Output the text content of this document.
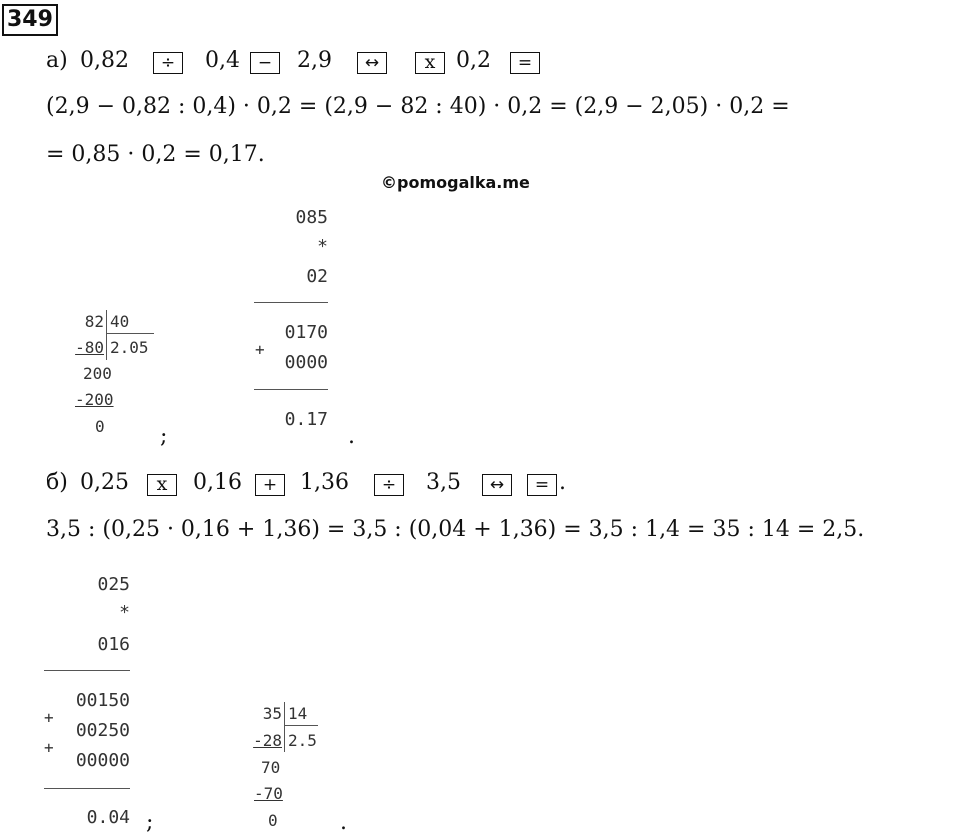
349
а) 0,82	÷	0,4	−	2,9	↔	x 0,2	=
(2,9 − 0,82 : 0,4) · 0,2 = (2,9 − 82 : 40) · 0,2 = (2,9 − 2,05) · 0,2 =
= 0,85 · 0,2 = 0,17.
©pomogalka.me
82 40
-80 2.05
200
-200
0	;
085
*
02
+
0170
0000
0.17
.
б) 0,25	x	0,16	+	1,36	÷	3,5	↔	= .
3,5 : (0,25 · 0,16 + 1,36) = 3,5 : (0,04 + 1,36) = 3,5 : 1,4 = 35 : 14 = 2,5.
025
*
016
+
+
00150
00250
00000
0.04 ;
35 14
-28 2.5
70
-70
0	.
